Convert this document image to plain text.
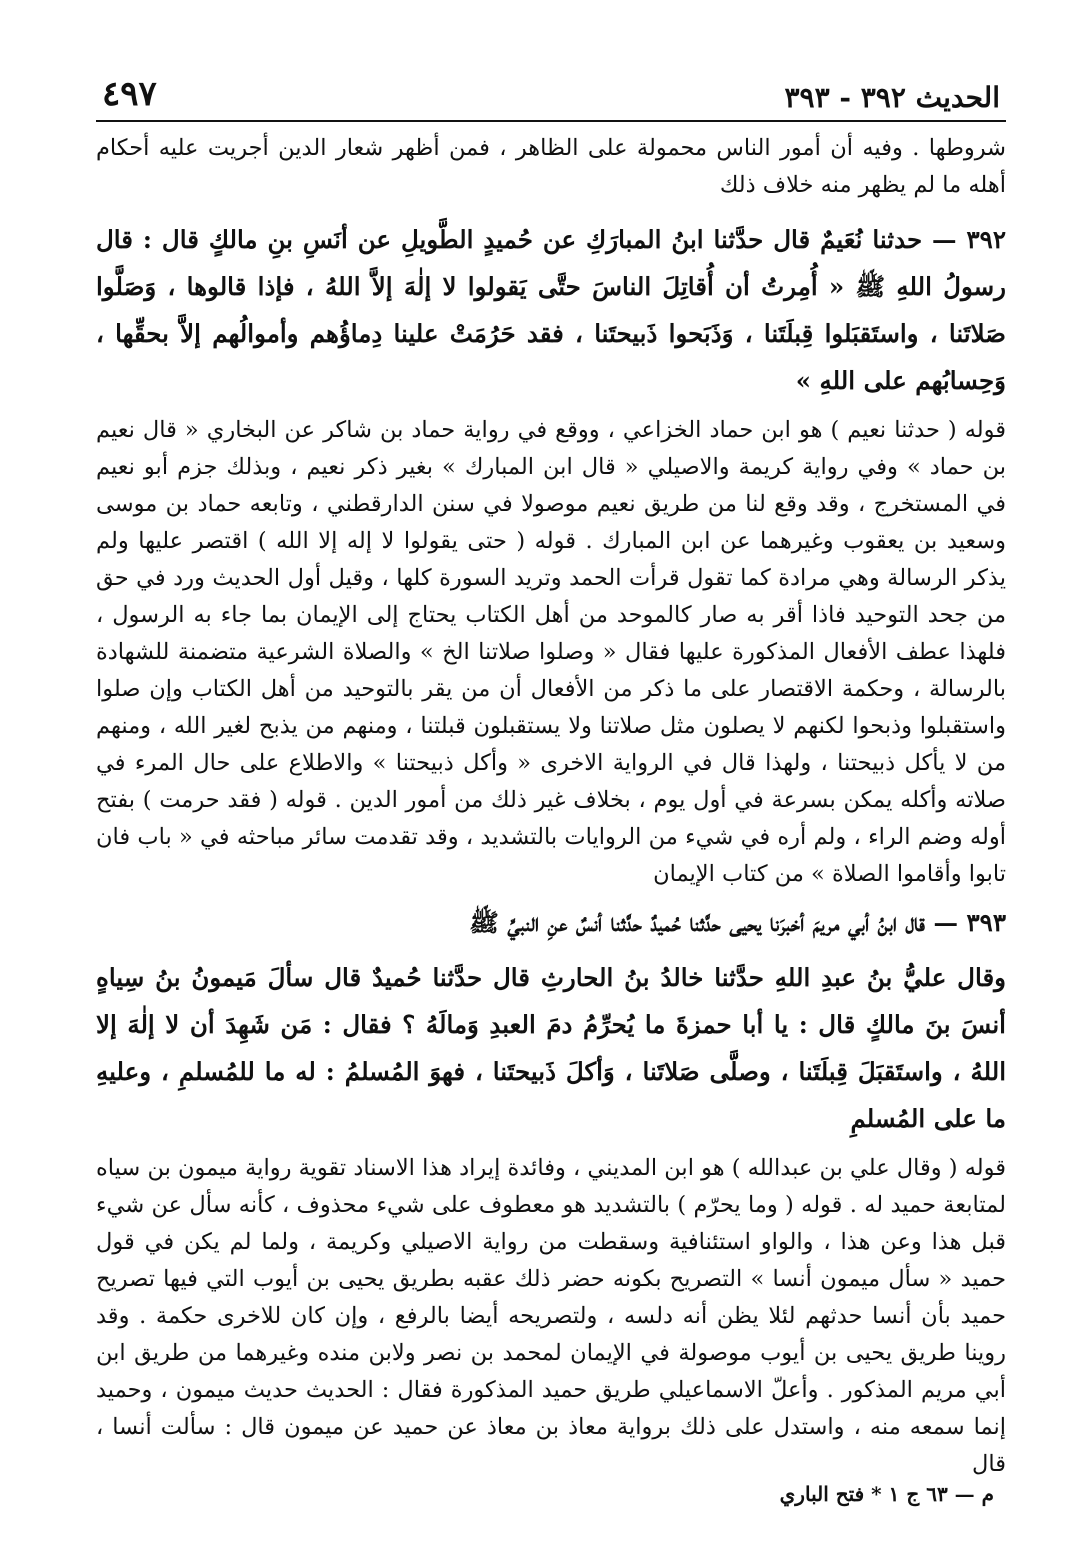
الحديث ٣٩٢ - ٣٩٣
٤٩٧

شروطها . وفيه أن أمور الناس محمولة على الظاهر ، فمن أظهر شعار الدين أجريت عليه أحكام أهله ما لم يظهر منه خلاف ذلك

٣٩٢ — حدثنا نُعَيمٌ قال حدَّثنا ابنُ المبارَكِ عن حُميدٍ الطَّويلِ عن أنَسِ بنِ مالكٍ قال : قال رسولُ اللهِ ﷺ « أُمِرتُ أن أُقاتِلَ الناسَ حتَّى يَقولوا لا إلٰهَ إلاَّ اللهُ ، فإذا قالوها ، وَصَلَّوا صَلاتَنا ، واستَقبَلوا قِبلَتَنا ، وَذَبَحوا ذَبيحتَنا ، فقد حَرُمَتْ علينا دِماؤُهم وأموالُهم إلاَّ بحقِّها ، وَحِسابُهم على اللهِ »

قوله ( حدثنا نعيم ) هو ابن حماد الخزاعي ، ووقع في رواية حماد بن شاكر عن البخاري « قال نعيم بن حماد » وفي رواية كريمة والاصيلي « قال ابن المبارك » بغير ذكر نعيم ، وبذلك جزم أبو نعيم في المستخرج ، وقد وقع لنا من طريق نعيم موصولا في سنن الدارقطني ، وتابعه حماد بن موسى وسعيد بن يعقوب وغيرهما عن ابن المبارك . قوله ( حتى يقولوا لا إله إلا الله ) اقتصر عليها ولم يذكر الرسالة وهي مرادة كما تقول قرأت الحمد وتريد السورة كلها ، وقيل أول الحديث ورد في حق من جحد التوحيد فاذا أقر به صار كالموحد من أهل الكتاب يحتاج إلى الإيمان بما جاء به الرسول ، فلهذا عطف الأفعال المذكورة عليها فقال « وصلوا صلاتنا الخ » والصلاة الشرعية متضمنة للشهادة بالرسالة ، وحكمة الاقتصار على ما ذكر من الأفعال أن من يقر بالتوحيد من أهل الكتاب وإن صلوا واستقبلوا وذبحوا لكنهم لا يصلون مثل صلاتنا ولا يستقبلون قبلتنا ، ومنهم من يذبح لغير الله ، ومنهم من لا يأكل ذبيحتنا ، ولهذا قال في الرواية الاخرى « وأكل ذبيحتنا » والاطلاع على حال المرء في صلاته وأكله يمكن بسرعة في أول يوم ، بخلاف غير ذلك من أمور الدين . قوله ( فقد حرمت ) بفتح أوله وضم الراء ، ولم أره في شيء من الروايات بالتشديد ، وقد تقدمت سائر مباحثه في « باب فان تابوا وأقاموا الصلاة » من كتاب الإيمان

٣٩٣ — قال ابنُ أبي مريمَ أخبرَنا يحيى حدَّثنا حُميدٌ حدَّثنا أنسٌ عنِ النبيِّ ﷺ

وقال عليُّ بنُ عبدِ اللهِ حدَّثنا خالدُ بنُ الحارثِ قال حدَّثنا حُميدٌ قال سألَ مَيمونُ بنُ سِياهٍ أنسَ بنَ مالكٍ قال : يا أبا حمزةَ ما يُحرِّمُ دمَ العبدِ وَمالَهُ ؟ فقال : مَن شَهِدَ أن لا إلٰهَ إلا اللهُ ، واستَقبَلَ قِبلَتَنا ، وصلَّى صَلاتَنا ، وَأكلَ ذَبيحتَنا ، فهوَ المُسلمُ : له ما للمُسلمِ ، وعليهِ ما على المُسلمِ

قوله ( وقال علي بن عبدالله ) هو ابن المديني ، وفائدة إيراد هذا الاسناد تقوية رواية ميمون بن سياه لمتابعة حميد له . قوله ( وما يحرّم ) بالتشديد هو معطوف على شيء محذوف ، كأنه سأل عن شيء قبل هذا وعن هذا ، والواو استئنافية وسقطت من رواية الاصيلي وكريمة ، ولما لم يكن في قول حميد « سأل ميمون أنسا » التصريح بكونه حضر ذلك عقبه بطريق يحيى بن أيوب التي فيها تصريح حميد بأن أنسا حدثهم لئلا يظن أنه دلسه ، ولتصريحه أيضا بالرفع ، وإن كان للاخرى حكمة . وقد روينا طريق يحيى بن أيوب موصولة في الإيمان لمحمد بن نصر ولابن منده وغيرهما من طريق ابن أبي مريم المذكور . وأعلّ الاسماعيلي طريق حميد المذكورة فقال : الحديث حديث ميمون ، وحميد إنما سمعه منه ، واستدل على ذلك برواية معاذ بن معاذ عن حميد عن ميمون قال : سألت أنسا ، قال

م — ٦٣ ج ١ * فتح الباري
